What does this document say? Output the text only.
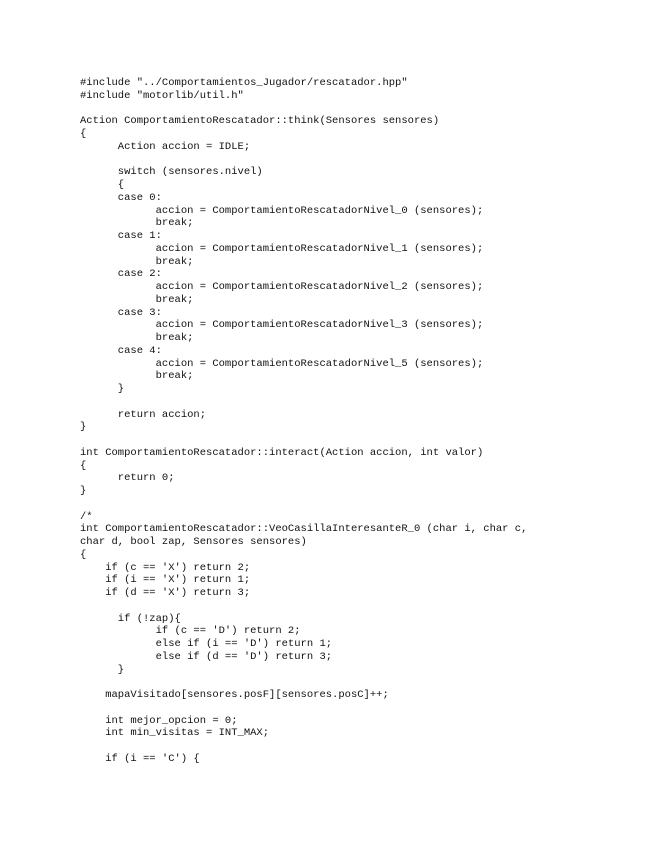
#include "../Comportamientos_Jugador/rescatador.hpp"
#include "motorlib/util.h"
Action ComportamientoRescatador::think(Sensores sensores)
{
Action accion = IDLE;
switch (sensores.nivel)
{
case 0:
accion = ComportamientoRescatadorNivel_0 (sensores);
break;
case 1:
accion = ComportamientoRescatadorNivel_1 (sensores);
break;
case 2:
accion = ComportamientoRescatadorNivel_2 (sensores);
break;
case 3:
accion = ComportamientoRescatadorNivel_3 (sensores);
break;
case 4:
accion = ComportamientoRescatadorNivel_5 (sensores);
break;
}
return accion;
}
int ComportamientoRescatador::interact(Action accion, int valor)
{
return 0;
}
/*
int ComportamientoRescatador::VeoCasillaInteresanteR_0 (char i, char c,
char d, bool zap, Sensores sensores)
{
if (c == 'X') return 2;
if (i == 'X') return 1;
if (d == 'X') return 3;
if (!zap){
if (c == 'D') return 2;
else if (i == 'D') return 1;
else if (d == 'D') return 3;
}
mapaVisitado[sensores.posF][sensores.posC]++;
int mejor_opcion = 0;
int min_visitas = INT_MAX;
if (i == 'C') {
